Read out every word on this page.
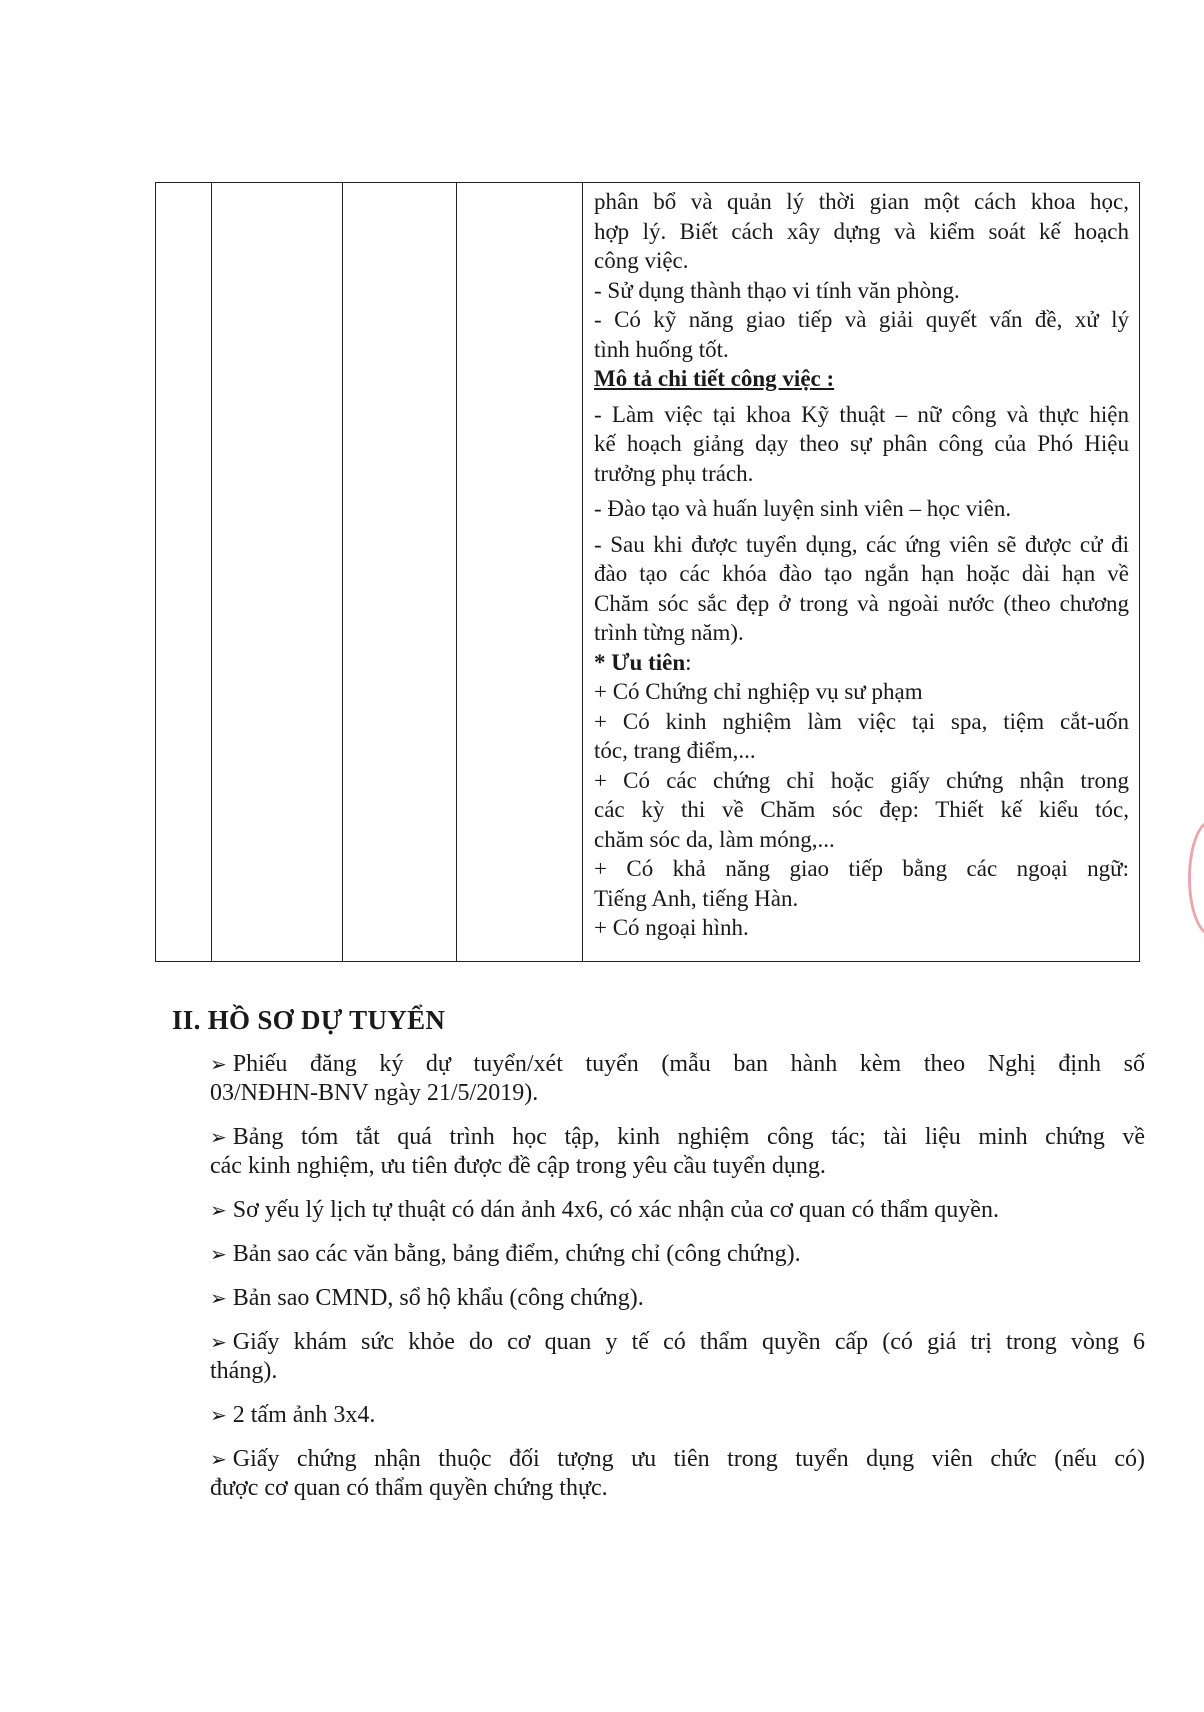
phân bổ và quản lý thời gian một cách khoa học,
hợp lý. Biết cách xây dựng và kiểm soát kế hoạch
công việc.
- Sử dụng thành thạo vi tính văn phòng.
- Có kỹ năng giao tiếp và giải quyết vấn đề, xử lý
tình huống tốt.
Mô tả chi tiết công việc :
- Làm việc tại khoa Kỹ thuật – nữ công và thực hiện
kế hoạch giảng dạy theo sự phân công của Phó Hiệu
trưởng phụ trách.
- Đào tạo và huấn luyện sinh viên – học viên.
- Sau khi được tuyển dụng, các ứng viên sẽ được cử đi
đào tạo các khóa đào tạo ngắn hạn hoặc dài hạn về
Chăm sóc sắc đẹp ở trong và ngoài nước (theo chương
trình từng năm).
* Ưu tiên:
+ Có Chứng chỉ nghiệp vụ sư phạm
+ Có kinh nghiệm làm việc tại spa, tiệm cắt-uốn
tóc, trang điểm,...
+ Có các chứng chỉ hoặc giấy chứng nhận trong
các kỳ thi về Chăm sóc đẹp: Thiết kế kiểu tóc,
chăm sóc da, làm móng,...
+ Có khả năng giao tiếp bằng các ngoại ngữ:
Tiếng Anh, tiếng Hàn.
+ Có ngoại hình.
II. HỒ SƠ DỰ TUYỂN
➢ Phiếu đăng ký dự tuyển/xét tuyển (mẫu ban hành kèm theo Nghị định số
03/NĐHN-BNV ngày 21/5/2019).
➢ Bảng tóm tắt quá trình học tập, kinh nghiệm công tác; tài liệu minh chứng về
các kinh nghiệm, ưu tiên được đề cập trong yêu cầu tuyển dụng.
➢ Sơ yếu lý lịch tự thuật có dán ảnh 4x6, có xác nhận của cơ quan có thẩm quyền.
➢ Bản sao các văn bằng, bảng điểm, chứng chỉ (công chứng).
➢ Bản sao CMND, sổ hộ khẩu (công chứng).
➢ Giấy khám sức khỏe do cơ quan y tế có thẩm quyền cấp (có giá trị trong vòng 6
tháng).
➢ 2 tấm ảnh 3x4.
➢ Giấy chứng nhận thuộc đối tượng ưu tiên trong tuyển dụng viên chức (nếu có)
được cơ quan có thẩm quyền chứng thực.
